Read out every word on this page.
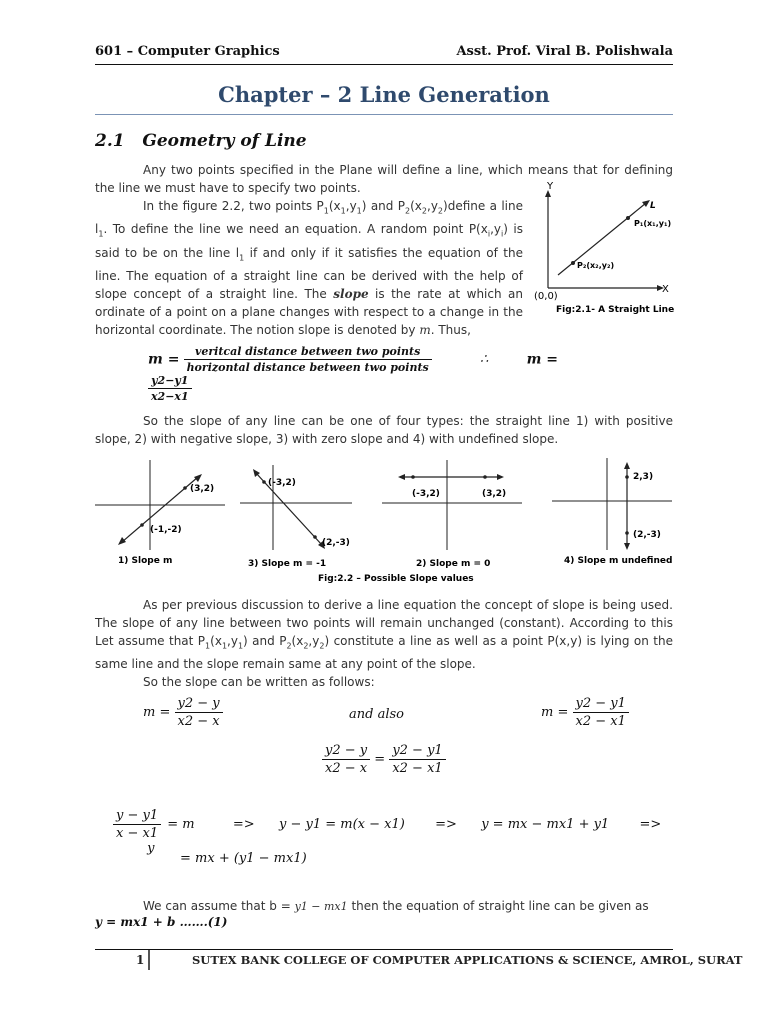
601 – Computer Graphics	Asst. Prof. Viral B. Polishwala
Chapter – 2 Line Generation
2.1 Geometry of Line

Any two points specified in the Plane will define a line, which means that for defining the line we must have to specify two points.

In the figure 2.2, two points $P_1(x_1,y_1)$ and $P_2(x_2,y_2)define$ a line $l_1$. To define the line we need an equation. A random point $P(x_i,y_i)$ is said to be on the line $l_1$ if and only if it satisfies the equation of the line. The equation of a straight line can be derived with the help of slope concept of a straight line. The slope is the rate at which an ordinate of a point on a plane changes with respect to a change in the horizontal coordinate. The notion slope is denoted by m. Thus,

Y
X
(0,0)
L
P₁(x₁,y₁)
P₂(x₂,y₂)
Fig:2.1- A Straight Line
$m = \frac{\text{veritcal distance between two points}}{\text{horizontal distance between two points}}$	∴	m =
$\frac{y2-y1}{x2-x1}$

So the slope of any line can be one of four types: the straight line 1) with positive slope, 2) with negative slope, 3) with zero slope and 4) with undefined slope.

(3,2)
(-1,-2)
1) Slope m
(-3,2)
(2,-3)
3) Slope m = -1
(-3,2)	(3,2)
2) Slope m = 0
2,3)
(2,-3)
4) Slope m undefined
Fig:2.2 – Possible Slope values

As per previous discussion to derive a line equation the concept of slope is being used. The slope of any line between two points will remain unchanged (constant). According to this Let assume that $P_1(x_1,y_1)$ and $P_2(x_2,y_2)$ constitute a line as well as a point P(x,y) is lying on the same line and the slope remain same at any point of the slope.

So the slope can be written as follows:

$m = \frac{y2 - y}{x2 - x}$	and also	$m = \frac{y2 - y1}{x2 - x1}$
$\frac{y2 - y}{x2 - x} = \frac{y2 - y1}{x2 - x1}$
$\frac{y - y1}{x - x1} = m$	=> y − y1 = m(x − x1) => y = mx − mx1 + y1 =>  y
= mx + (y1 − mx1)

We can assume that b = y1 − mx1 then the equation of straight line can be given as

y = mx1 + b …….(1)
1	SUTEX BANK COLLEGE OF COMPUTER APPLICATIONS & SCIENCE, AMROL, SURAT
